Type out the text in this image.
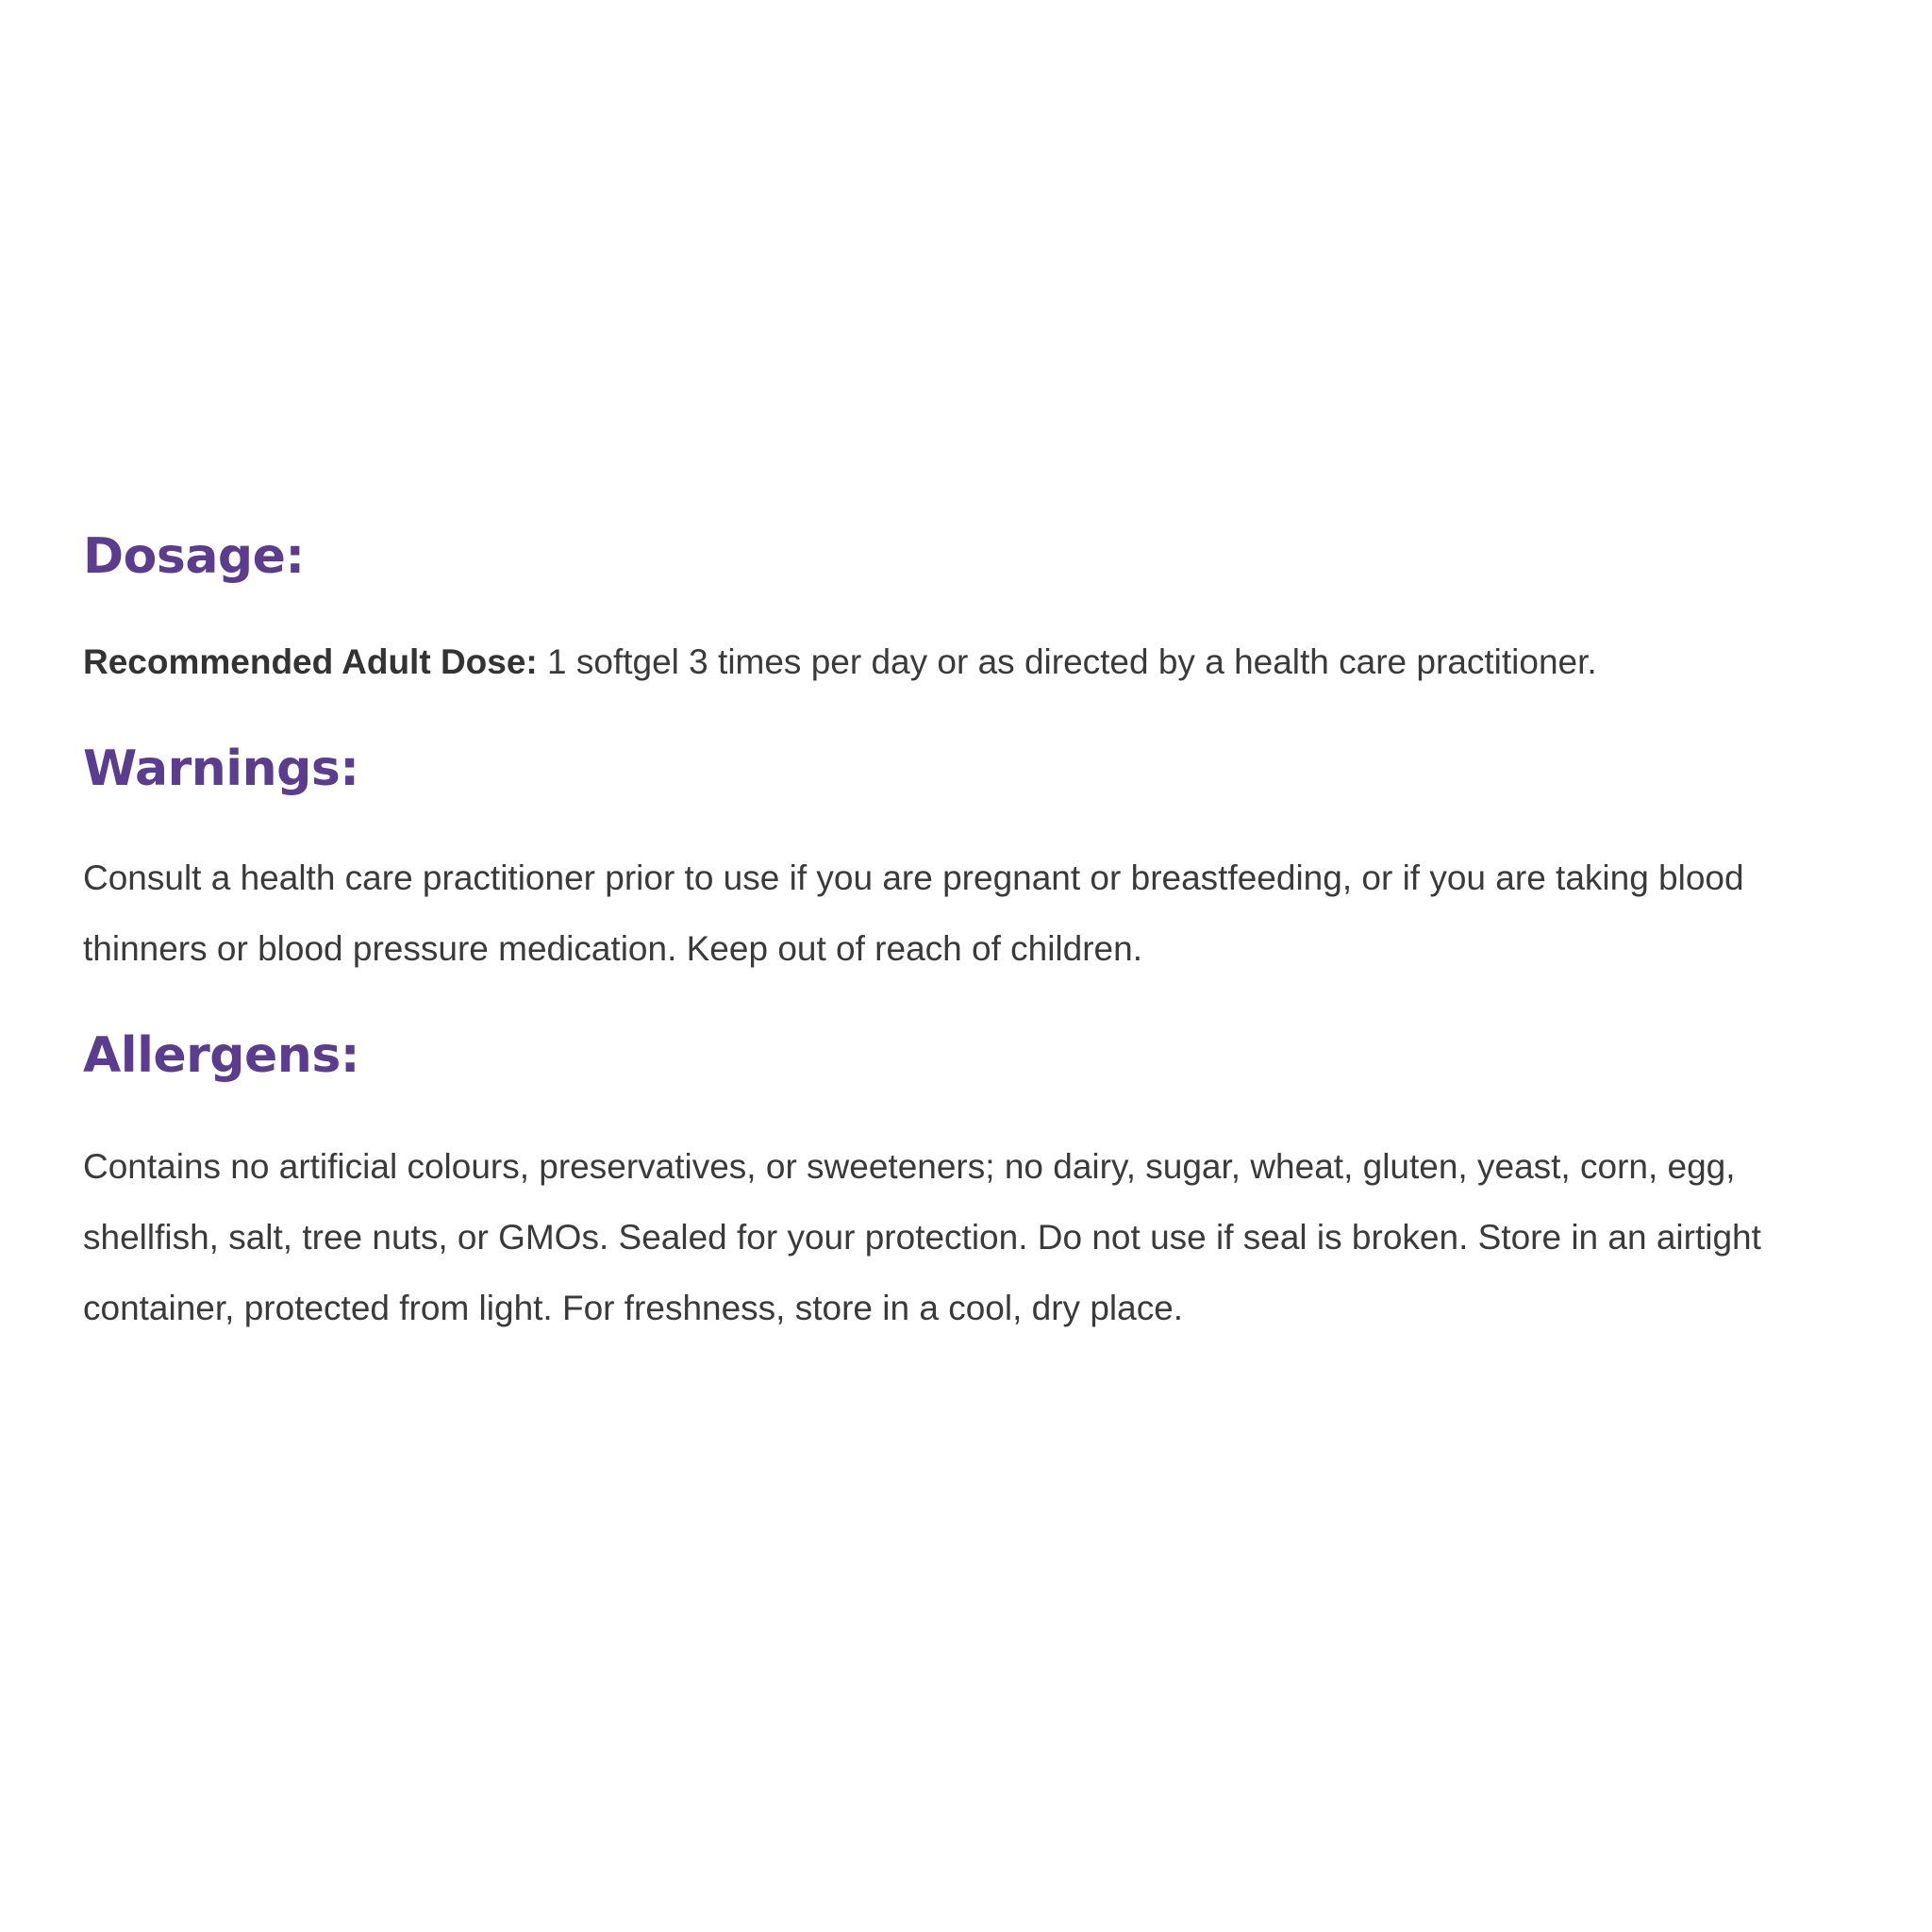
Dosage:

Recommended Adult Dose: 1 softgel 3 times per day or as directed by a health care practitioner.

Warnings:

Consult a health care practitioner prior to use if you are pregnant or breastfeeding, or if you are taking blood thinners or blood pressure medication. Keep out of reach of children.

Allergens:

Contains no artificial colours, preservatives, or sweeteners; no dairy, sugar, wheat, gluten, yeast, corn, egg, shellfish, salt, tree nuts, or GMOs. Sealed for your protection. Do not use if seal is broken. Store in an airtight container, protected from light. For freshness, store in a cool, dry place.
